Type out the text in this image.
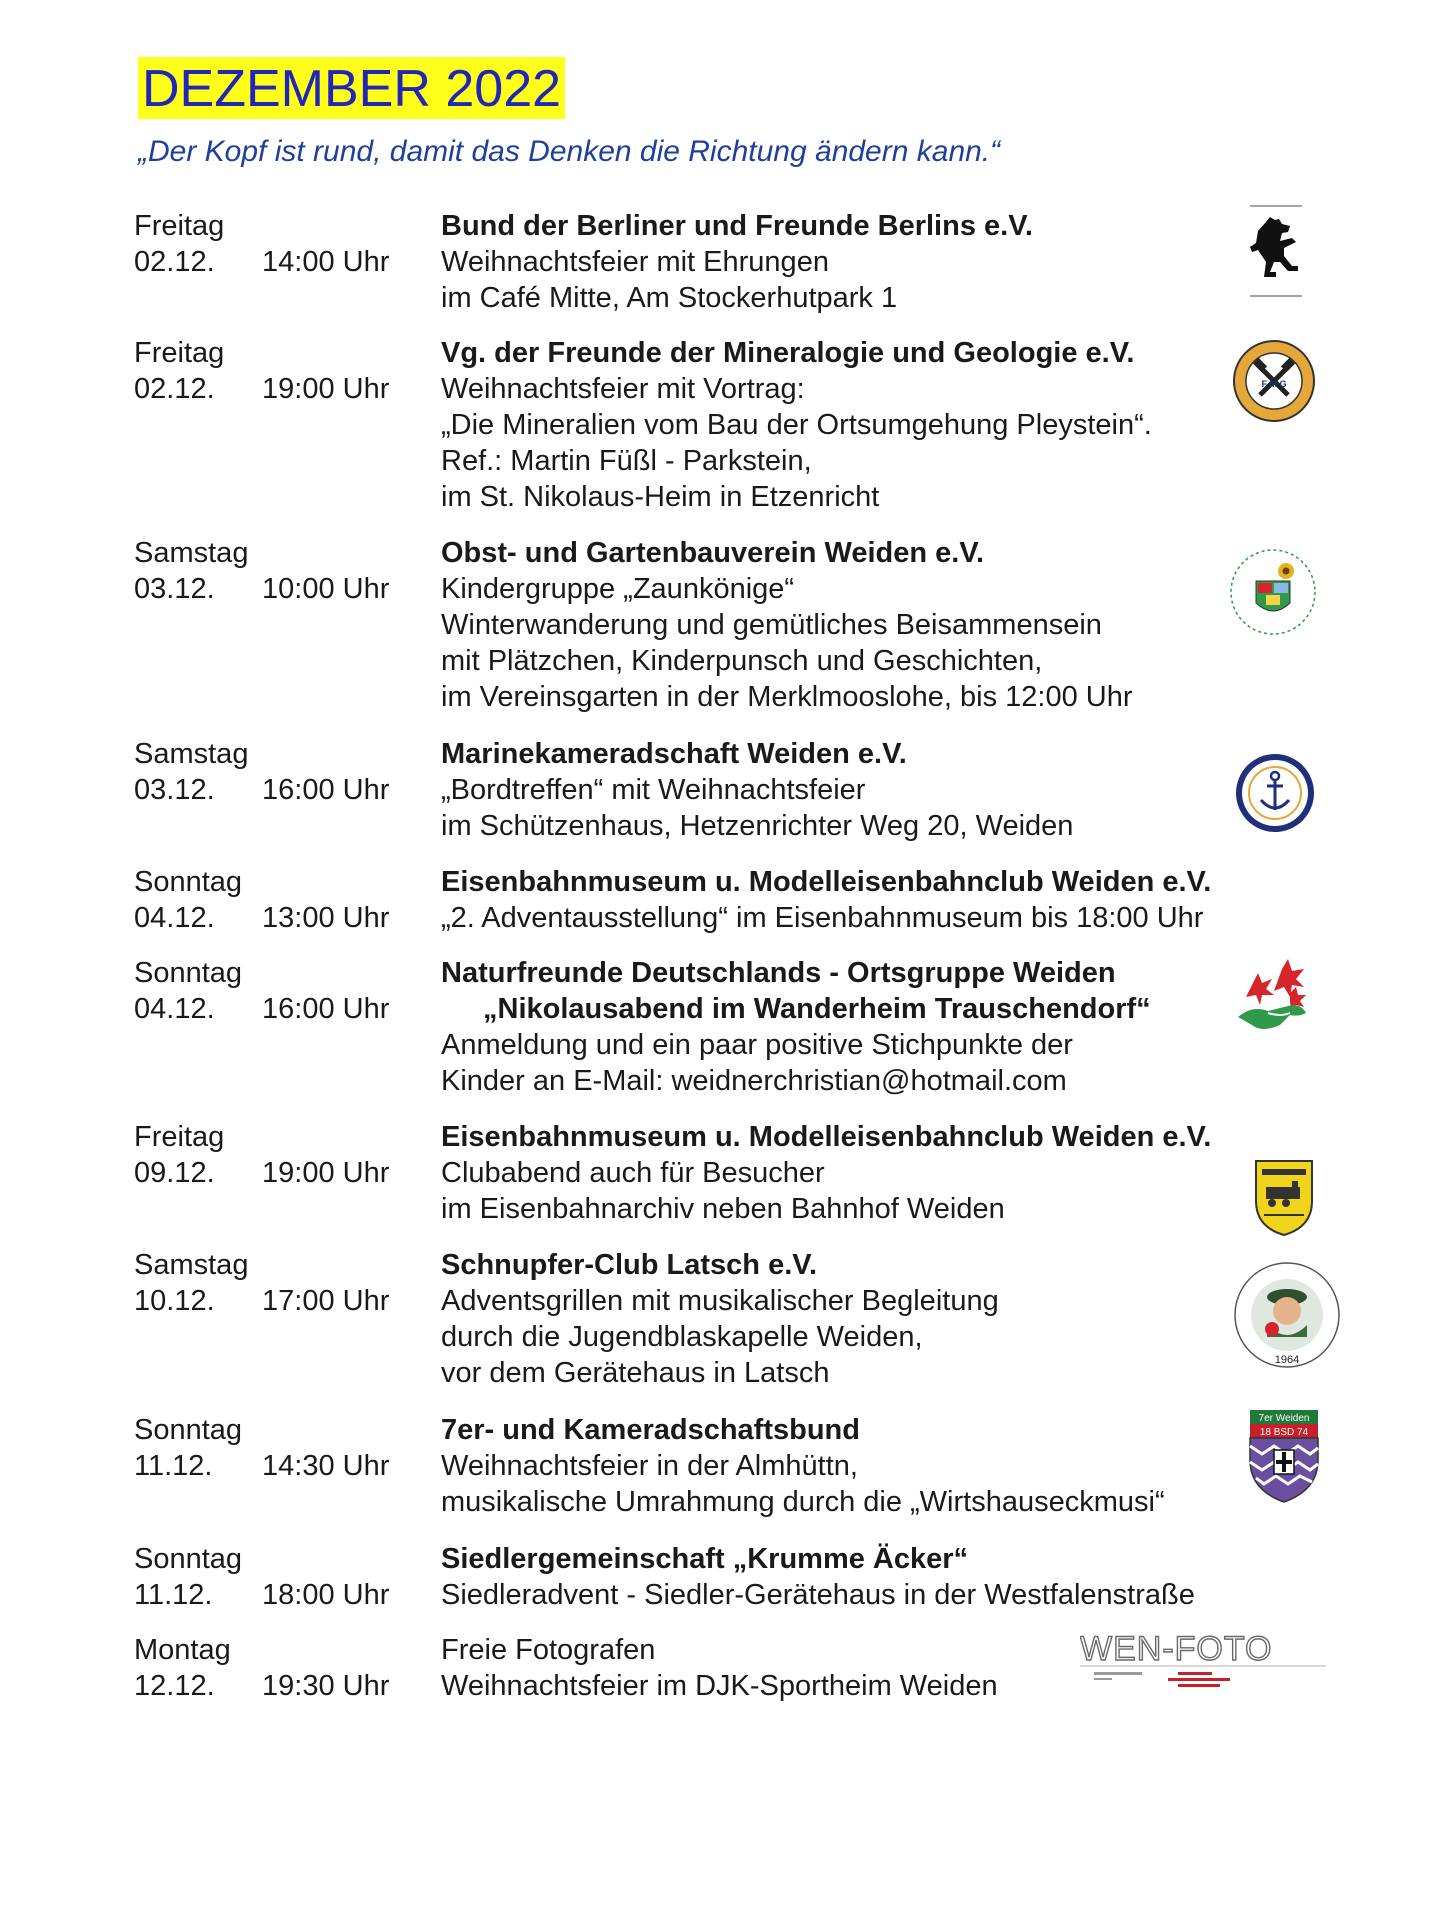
DEZEMBER 2022
„Der Kopf ist rund, damit das Denken die Richtung ändern kann.“
Freitag
02.12. 14:00 Uhr
Bund der Berliner und Freunde Berlins e.V.
Weihnachtsfeier mit Ehrungen
im Café Mitte, Am Stockerhutpark 1
Freitag
02.12. 19:00 Uhr
Vg. der Freunde der Mineralogie und Geologie e.V.
Weihnachtsfeier mit Vortrag:
„Die Mineralien vom Bau der Ortsumgehung Pleystein“.
Ref.: Martin Füßl - Parkstein,
im St. Nikolaus-Heim in Etzenricht
F M G
Samstag
03.12. 10:00 Uhr
Obst- und Gartenbauverein Weiden e.V.
Kindergruppe „Zaunkönige“
Winterwanderung und gemütliches Beisammensein
mit Plätzchen, Kinderpunsch und Geschichten,
im Vereinsgarten in der Merklmooslohe, bis 12:00 Uhr
Samstag
03.12. 16:00 Uhr
Marinekameradschaft Weiden e.V.
„Bordtreffen“ mit Weihnachtsfeier
im Schützenhaus, Hetzenrichter Weg 20, Weiden
Sonntag
04.12. 13:00 Uhr
Eisenbahnmuseum u. Modelleisenbahnclub Weiden e.V.
„2. Adventausstellung“ im Eisenbahnmuseum bis 18:00 Uhr
Sonntag
04.12. 16:00 Uhr
Naturfreunde Deutschlands - Ortsgruppe Weiden
„Nikolausabend im Wanderheim Trauschendorf“
Anmeldung und ein paar positive Stichpunkte der
Kinder an E-Mail: weidnerchristian@hotmail.com
Freitag
09.12. 19:00 Uhr
Eisenbahnmuseum u. Modelleisenbahnclub Weiden e.V.
Clubabend auch für Besucher
im Eisenbahnarchiv neben Bahnhof Weiden
Samstag
10.12. 17:00 Uhr
Schnupfer-Club Latsch e.V.
Adventsgrillen mit musikalischer Begleitung
durch die Jugendblaskapelle Weiden,
vor dem Gerätehaus in Latsch	1964
Sonntag
11.12. 14:30 Uhr
7er- und Kameradschaftsbund
Weihnachtsfeier in der Almhüttn,
musikalische Umrahmung durch die „Wirtshauseckmusi“
7er Weiden
18 BSD 74
Sonntag
11.12. 18:00 Uhr
Siedlergemeinschaft „Krumme Äcker“
Siedleradvent - Siedler-Gerätehaus in der Westfalenstraße
Montag
12.12. 19:30 Uhr
Freie Fotografen
Weihnachtsfeier im DJK-Sportheim Weiden
WEN-FOTO
